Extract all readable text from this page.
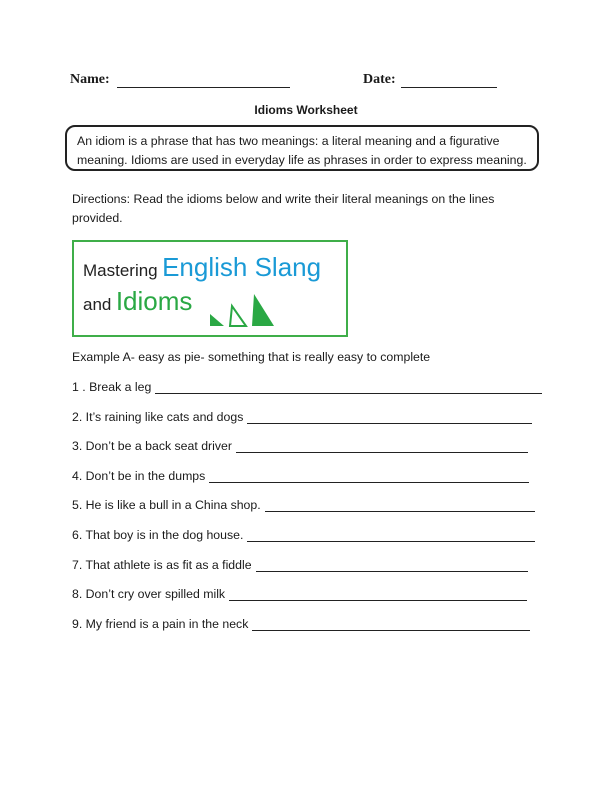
Name:	Date:
Idioms Worksheet
An idiom is a phrase that has two meanings: a literal meaning and a figurative meaning. Idioms are used in everyday life as phrases in order to express meaning.
Directions: Read the idioms below and write their literal meanings on the lines provided.
Mastering English Slang
and Idioms
Example A- easy as pie- something that is really easy to complete
1 . Break a leg
2. It’s raining like cats and dogs
3. Don’t be a back seat driver
4. Don’t be in the dumps
5. He is like a bull in a China shop.
6. That boy is in the dog house.
7. That athlete is as fit as a fiddle
8. Don’t cry over spilled milk
9. My friend is a pain in the neck
